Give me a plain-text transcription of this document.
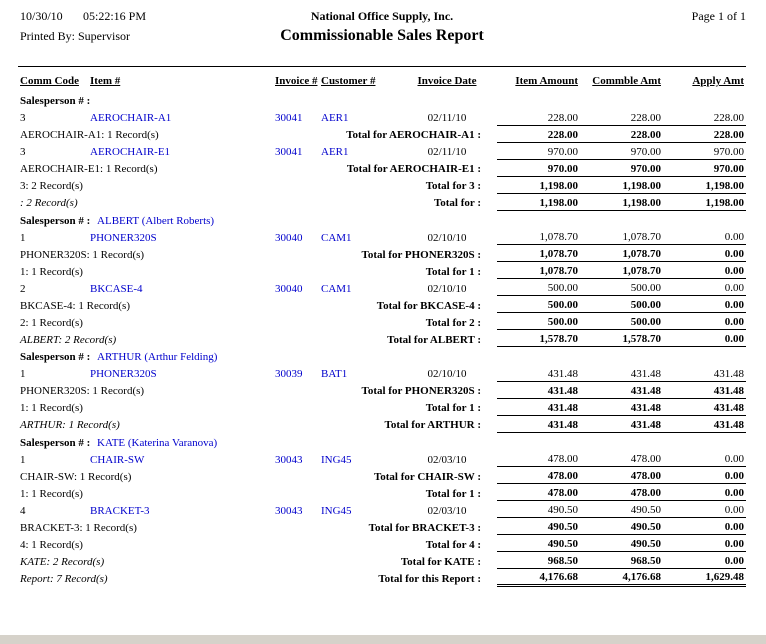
10/30/10 05:22:16 PM	National Office Supply, Inc.	Page 1 of 1
Printed By: Supervisor	Commissionable Sales Report
Comm Code	Item #	Invoice #	Customer #	Invoice Date	Item Amount	Commble Amt	Apply Amt
Salesperson # :							
3	AEROCHAIR-A1	30041	AER1	02/11/10	228.00	228.00	228.00
AEROCHAIR-A1: 1 Record(s)		Total for AEROCHAIR-A1 :			228.00	228.00	228.00
3	AEROCHAIR-E1	30041	AER1	02/11/10	970.00	970.00	970.00
AEROCHAIR-E1: 1 Record(s)		Total for AEROCHAIR-E1 :			970.00	970.00	970.00
3: 2 Record(s)		Total for 3 :			1,198.00	1,198.00	1,198.00
: 2 Record(s)		Total for :			1,198.00	1,198.00	1,198.00
Salesperson # : ALBERT (Albert Roberts)							
1	PHONER320S	30040	CAM1	02/10/10	1,078.70	1,078.70	0.00
PHONER320S: 1 Record(s)		Total for PHONER320S :			1,078.70	1,078.70	0.00
1: 1 Record(s)		Total for 1 :			1,078.70	1,078.70	0.00
2	BKCASE-4	30040	CAM1	02/10/10	500.00	500.00	0.00
BKCASE-4: 1 Record(s)		Total for BKCASE-4 :			500.00	500.00	0.00
2: 1 Record(s)		Total for 2 :			500.00	500.00	0.00
ALBERT: 2 Record(s)		Total for ALBERT :			1,578.70	1,578.70	0.00
Salesperson # : ARTHUR (Arthur Felding)							
1	PHONER320S	30039	BAT1	02/10/10	431.48	431.48	431.48
PHONER320S: 1 Record(s)		Total for PHONER320S :			431.48	431.48	431.48
1: 1 Record(s)		Total for 1 :			431.48	431.48	431.48
ARTHUR: 1 Record(s)		Total for ARTHUR :			431.48	431.48	431.48
Salesperson # : KATE (Katerina Varanova)							
1	CHAIR-SW	30043	ING45	02/03/10	478.00	478.00	0.00
CHAIR-SW: 1 Record(s)		Total for CHAIR-SW :			478.00	478.00	0.00
1: 1 Record(s)		Total for 1 :			478.00	478.00	0.00
4	BRACKET-3	30043	ING45	02/03/10	490.50	490.50	0.00
BRACKET-3: 1 Record(s)		Total for BRACKET-3 :			490.50	490.50	0.00
4: 1 Record(s)		Total for 4 :			490.50	490.50	0.00
KATE: 2 Record(s)		Total for KATE :			968.50	968.50	0.00
Report: 7 Record(s)		Total for this Report :			4,176.68	4,176.68	1,629.48
